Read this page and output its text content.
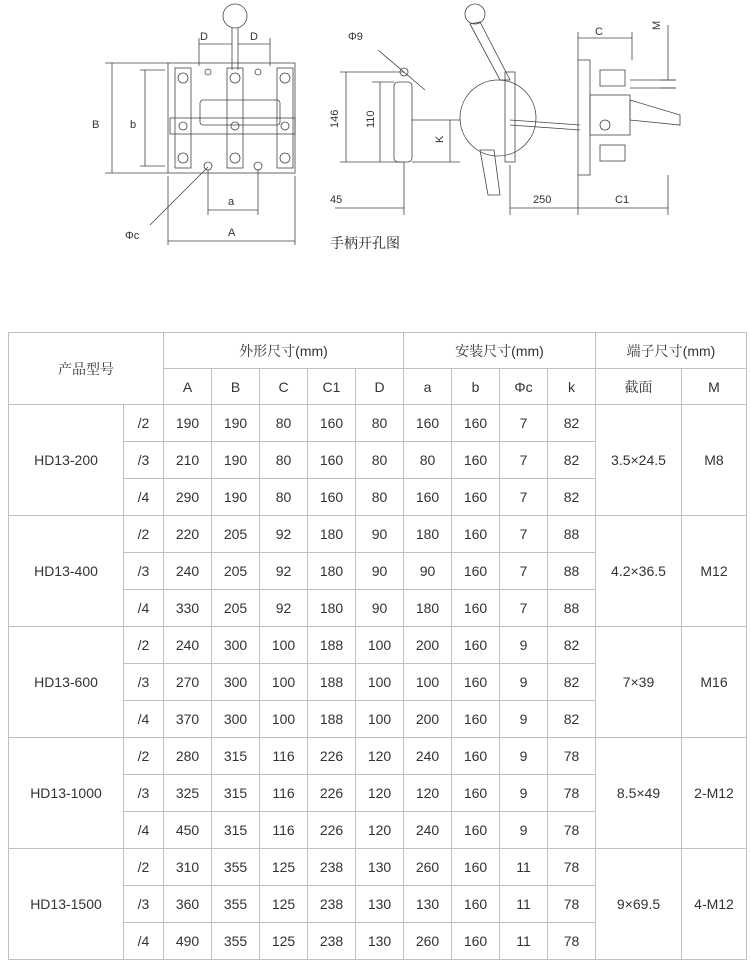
D	D
B	b
a
A
Φc
Φ9
146 110
K
45
C
M
250	C1
手柄开孔图
产品型号		外形尺寸(mm)					安装尺寸(mm)				端子尺寸(mm)	
		A	B	C	C1	D	a	b	Φc	k	截面	M
HD13-200	/2	190	190	80	160	80	160	160	7	82	3.5×24.5	M8
	/3	210	190	80	160	80	80	160	7	82		
	/4	290	190	80	160	80	160	160	7	82		
HD13-400	/2	220	205	92	180	90	180	160	7	88	4.2×36.5	M12
	/3	240	205	92	180	90	90	160	7	88		
	/4	330	205	92	180	90	180	160	7	88		
HD13-600	/2	240	300	100	188	100	200	160	9	82	7×39	M16
	/3	270	300	100	188	100	100	160	9	82		
	/4	370	300	100	188	100	200	160	9	82		
HD13-1000	/2	280	315	116	226	120	240	160	9	78	8.5×49	2-M12
	/3	325	315	116	226	120	120	160	9	78		
	/4	450	315	116	226	120	240	160	9	78		
HD13-1500	/2	310	355	125	238	130	260	160	11	78	9×69.5	4-M12
	/3	360	355	125	238	130	130	160	11	78		
	/4	490	355	125	238	130	260	160	11	78		
